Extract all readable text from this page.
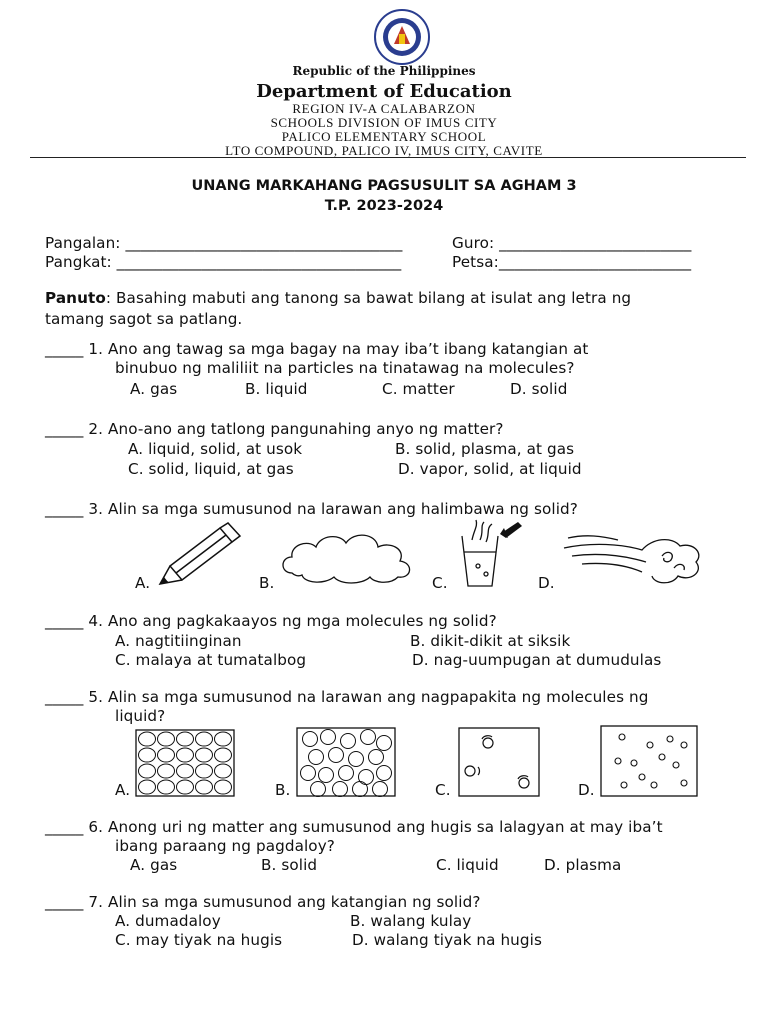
Republic of the Philippines
Department of Education
REGION IV-A CALABARZON
SCHOOLS DIVISION OF IMUS CITY
PALICO ELEMENTARY SCHOOL
LTO COMPOUND, PALICO IV, IMUS CITY, CAVITE
UNANG MARKAHANG PAGSUSULIT SA AGHAM 3
T.P. 2023-2024
Pangalan: ____________________________________	Guro: _________________________
Pangkat: _____________________________________	Petsa:_________________________
Panuto: Basahing mabuti ang tanong sa bawat bilang at isulat ang letra ng
tamang sagot sa patlang.
_____ 1. Ano ang tawag sa mga bagay na may iba’t ibang katangian at
binubuo ng maliliit na particles na tinatawag na molecules?
A. gas	B. liquid	C. matter	D. solid
_____ 2. Ano-ano ang tatlong pangunahing anyo ng matter?
A. liquid, solid, at usok	B. solid, plasma, at gas
C. solid, liquid, at gas	D. vapor, solid, at liquid
_____ 3. Alin sa mga sumusunod na larawan ang halimbawa ng solid?
A.	B.	C.	D.
_____ 4. Ano ang pagkakaayos ng mga molecules ng solid?
A. nagtitiinginan	B. dikit-dikit at siksik
C. malaya at tumatalbog	D. nag-uumpugan at dumudulas
_____ 5. Alin sa mga sumusunod na larawan ang nagpapakita ng molecules ng
liquid?
A.	B.	C.	D.
_____ 6. Anong uri ng matter ang sumusunod ang hugis sa lalagyan at may iba’t
ibang paraang ng pagdaloy?
A. gas	B. solid	C. liquid	D. plasma
_____ 7. Alin sa mga sumusunod ang katangian ng solid?
A. dumadaloy	B. walang kulay
C. may tiyak na hugis	D. walang tiyak na hugis
